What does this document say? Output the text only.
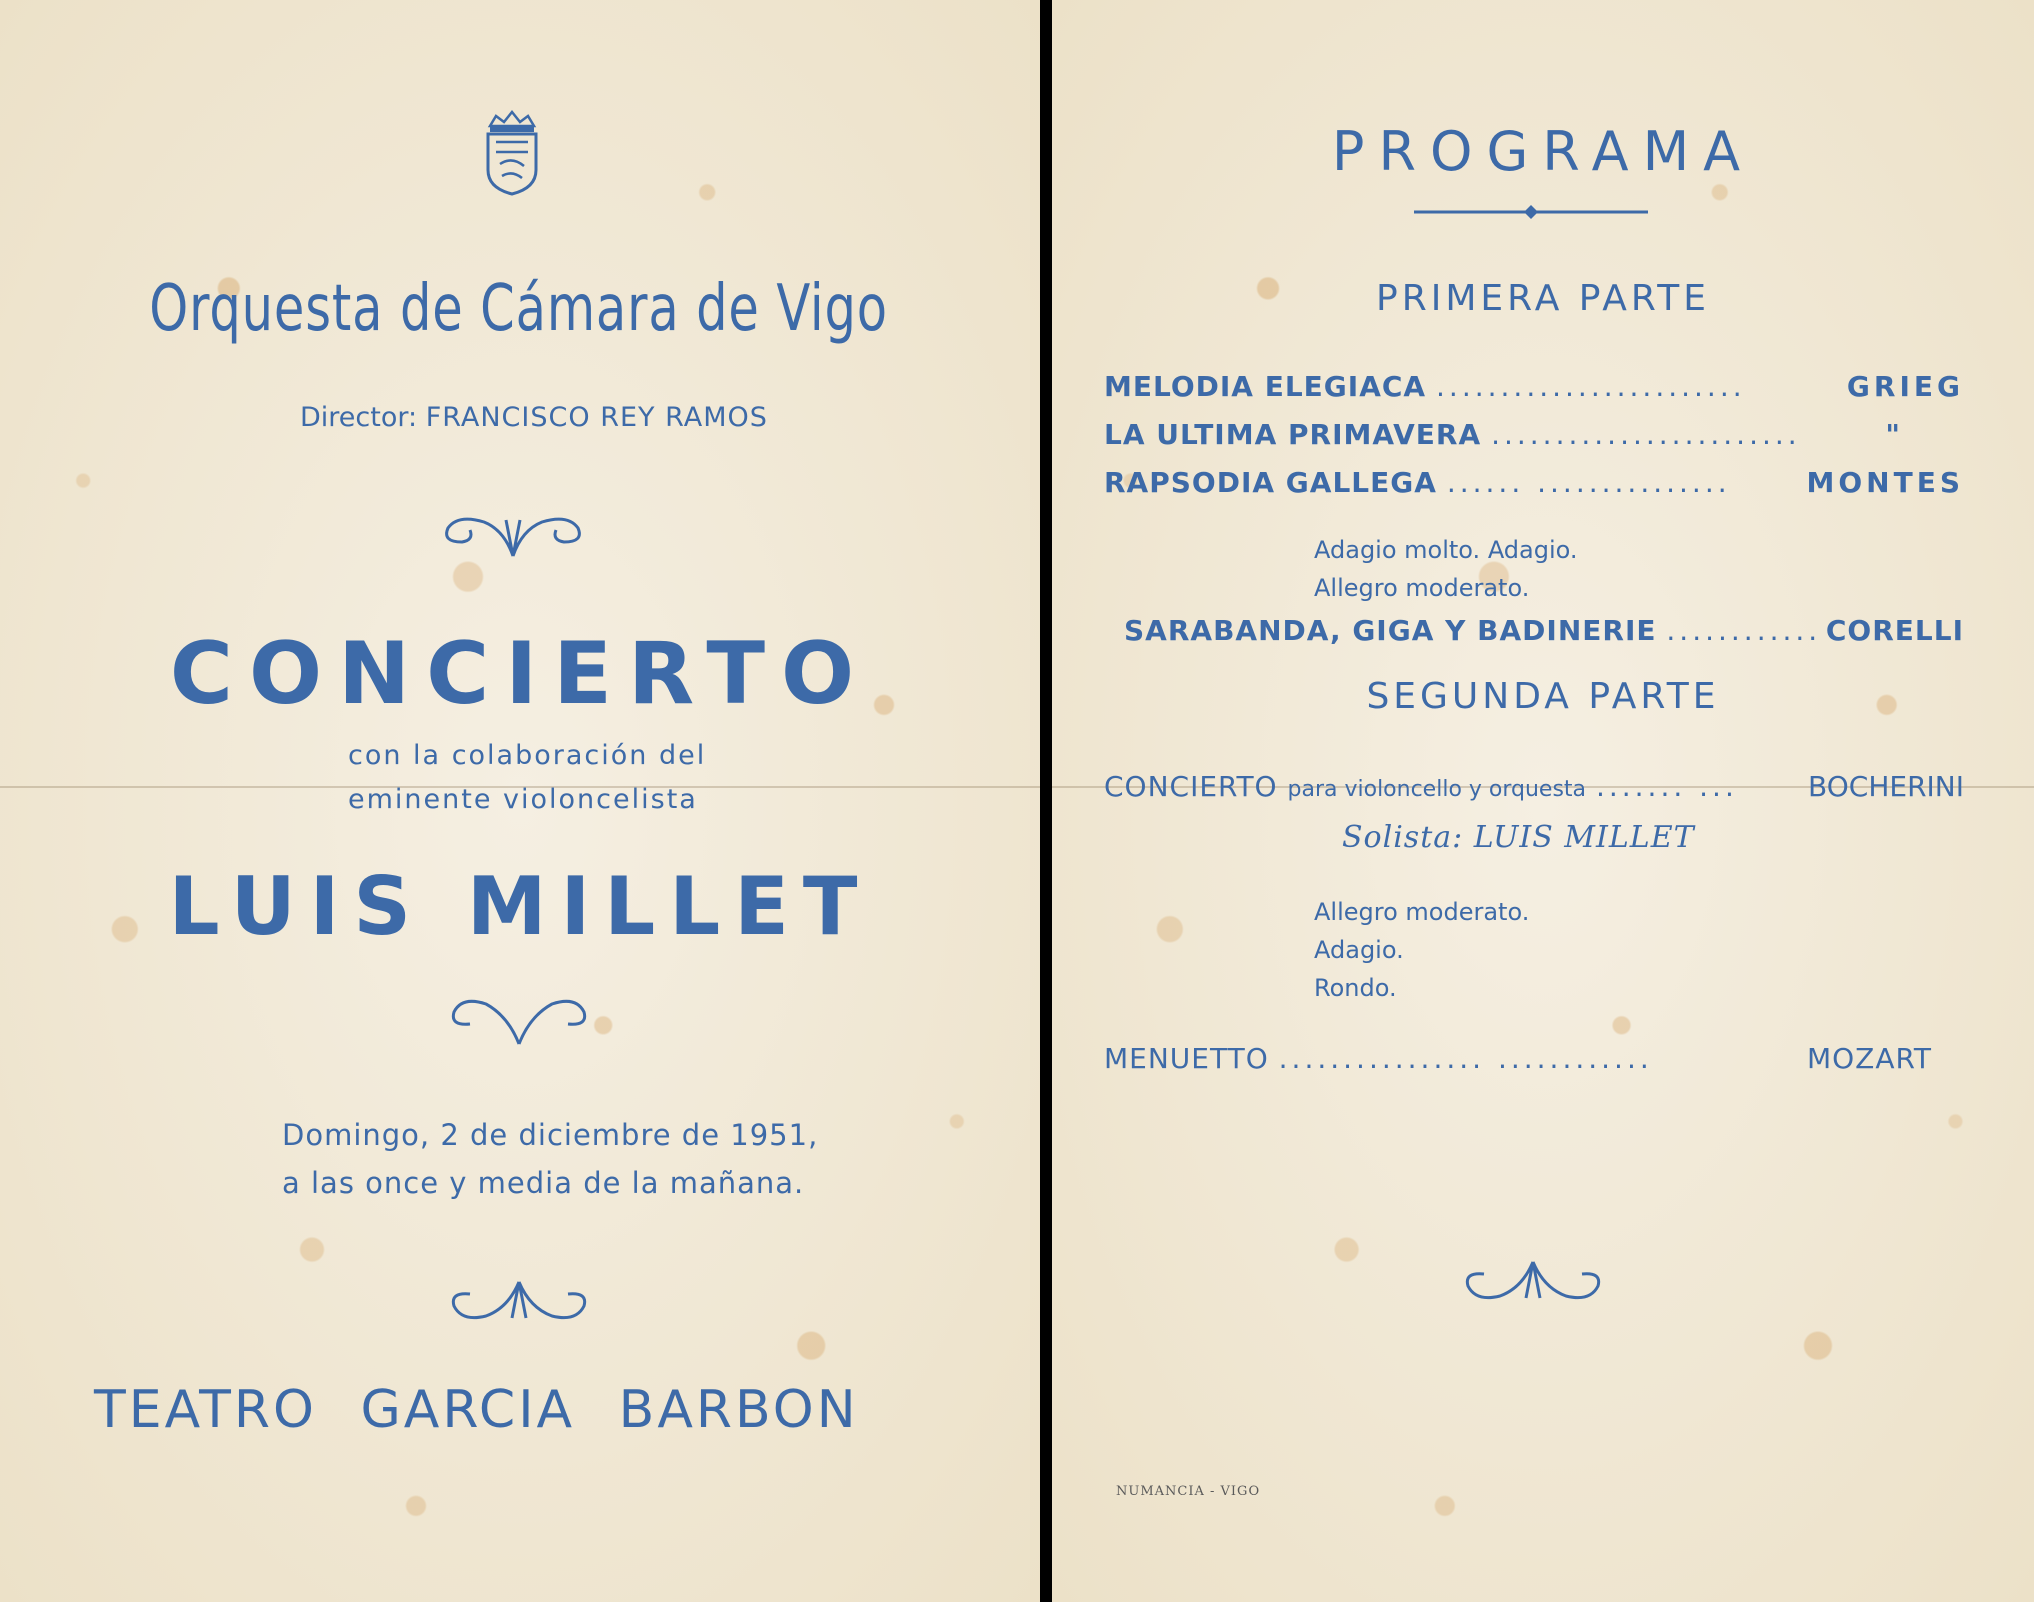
Orquesta de Cámara de Vigo
Director: FRANCISCO REY RAMOS
CONCIERTO
con la colaboración del
eminente violoncelista
LUIS MILLET
Domingo, 2 de diciembre de 1951,
a las once y media de la mañana.
TEATRO GARCIA BARBON
PROGRAMA
PRIMERA PARTE
MELODIA ELEGIACA ........................	GRIEG
LA ULTIMA PRIMAVERA ........................	"
RAPSODIA GALLEGA ...... ...............	MONTES
Adagio molto. Adagio.
Allegro moderato.
SARABANDA, GIGA Y BADINERIE ............ CORELLI
SEGUNDA PARTE
CONCIERTO para violoncello y orquesta ....... ...	BOCHERINI
Solista: LUIS MILLET
Allegro moderato.
Adagio.
Rondo.
MENUETTO ................ ............	MOZART
NUMANCIA - VIGO
